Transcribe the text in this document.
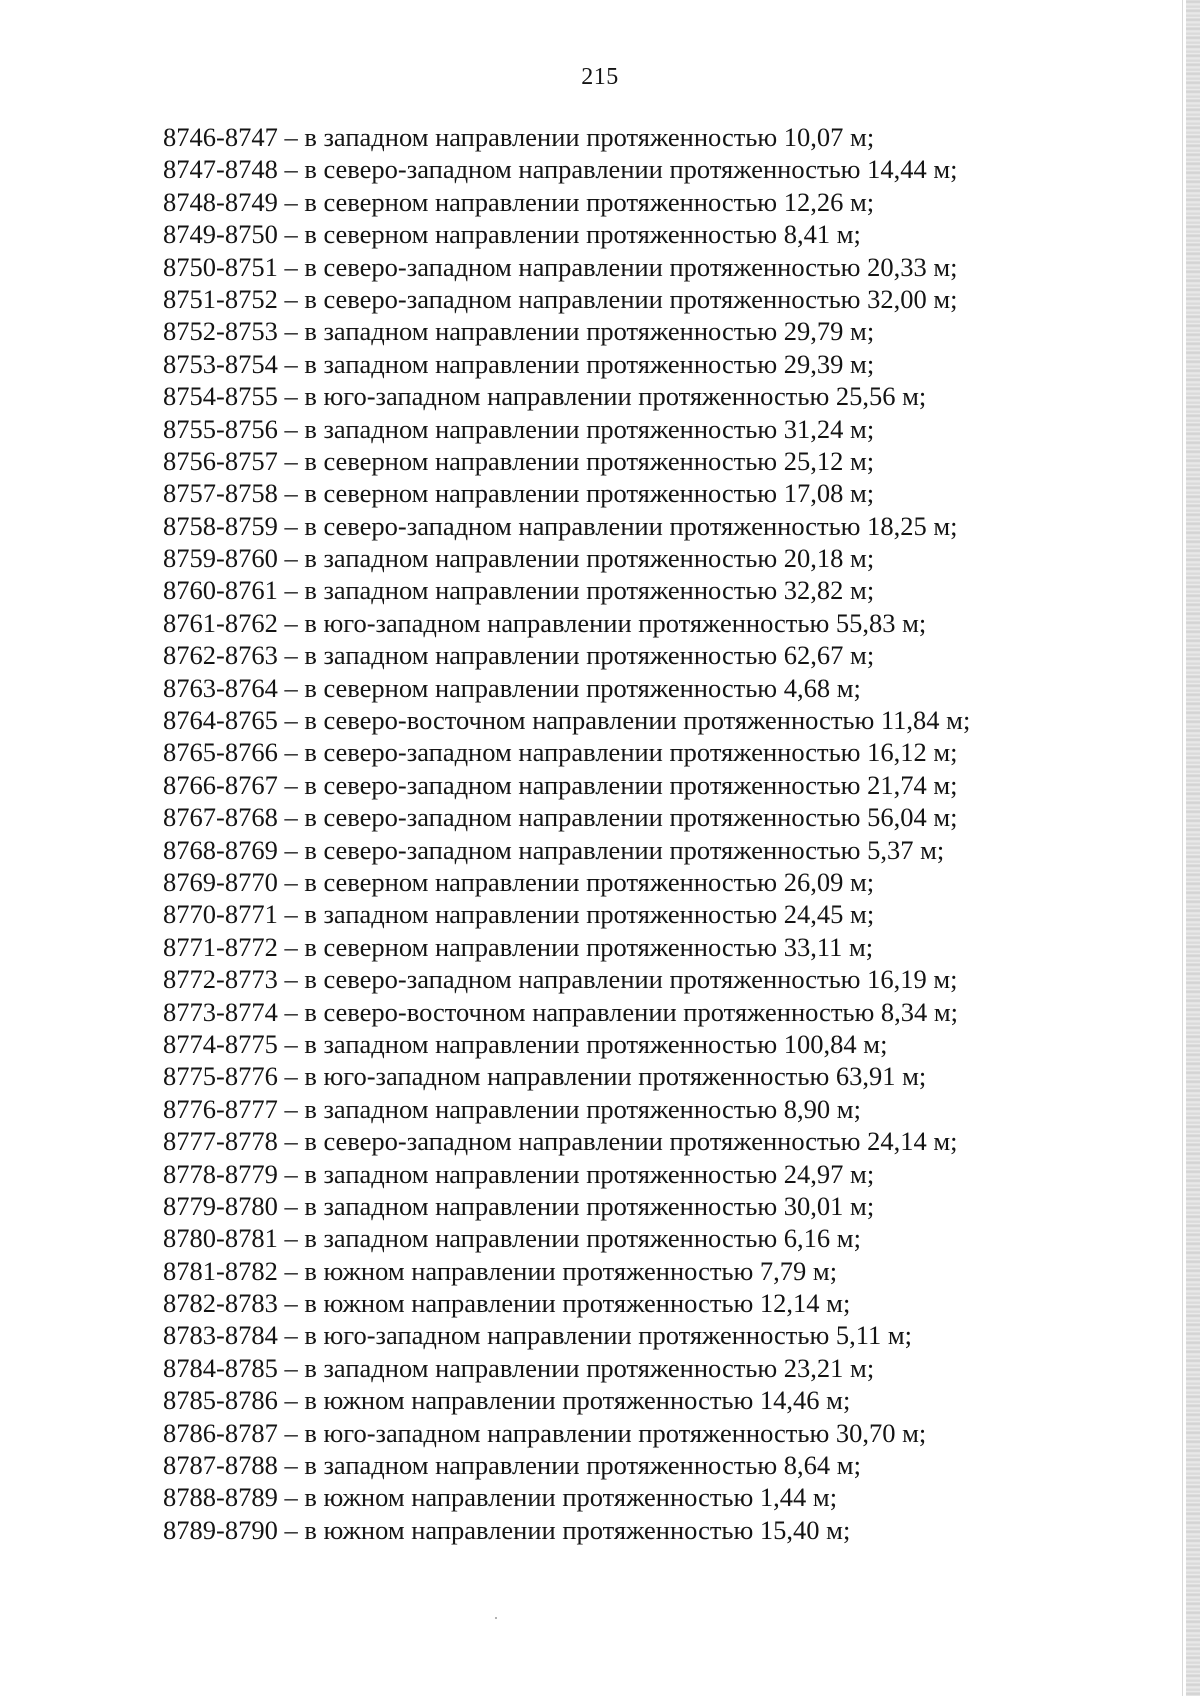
215
8746-8747 – в западном направлении протяженностью 10,07 м;
8747-8748 – в северо-западном направлении протяженностью 14,44 м;
8748-8749 – в северном направлении протяженностью 12,26 м;
8749-8750 – в северном направлении протяженностью 8,41 м;
8750-8751 – в северо-западном направлении протяженностью 20,33 м;
8751-8752 – в северо-западном направлении протяженностью 32,00 м;
8752-8753 – в западном направлении протяженностью 29,79 м;
8753-8754 – в западном направлении протяженностью 29,39 м;
8754-8755 – в юго-западном направлении протяженностью 25,56 м;
8755-8756 – в западном направлении протяженностью 31,24 м;
8756-8757 – в северном направлении протяженностью 25,12 м;
8757-8758 – в северном направлении протяженностью 17,08 м;
8758-8759 – в северо-западном направлении протяженностью 18,25 м;
8759-8760 – в западном направлении протяженностью 20,18 м;
8760-8761 – в западном направлении протяженностью 32,82 м;
8761-8762 – в юго-западном направлении протяженностью 55,83 м;
8762-8763 – в западном направлении протяженностью 62,67 м;
8763-8764 – в северном направлении протяженностью 4,68 м;
8764-8765 – в северо-восточном направлении протяженностью 11,84 м;
8765-8766 – в северо-западном направлении протяженностью 16,12 м;
8766-8767 – в северо-западном направлении протяженностью 21,74 м;
8767-8768 – в северо-западном направлении протяженностью 56,04 м;
8768-8769 – в северо-западном направлении протяженностью 5,37 м;
8769-8770 – в северном направлении протяженностью 26,09 м;
8770-8771 – в западном направлении протяженностью 24,45 м;
8771-8772 – в северном направлении протяженностью 33,11 м;
8772-8773 – в северо-западном направлении протяженностью 16,19 м;
8773-8774 – в северо-восточном направлении протяженностью 8,34 м;
8774-8775 – в западном направлении протяженностью 100,84 м;
8775-8776 – в юго-западном направлении протяженностью 63,91 м;
8776-8777 – в западном направлении протяженностью 8,90 м;
8777-8778 – в северо-западном направлении протяженностью 24,14 м;
8778-8779 – в западном направлении протяженностью 24,97 м;
8779-8780 – в западном направлении протяженностью 30,01 м;
8780-8781 – в западном направлении протяженностью 6,16 м;
8781-8782 – в южном направлении протяженностью 7,79 м;
8782-8783 – в южном направлении протяженностью 12,14 м;
8783-8784 – в юго-западном направлении протяженностью 5,11 м;
8784-8785 – в западном направлении протяженностью 23,21 м;
8785-8786 – в южном направлении протяженностью 14,46 м;
8786-8787 – в юго-западном направлении протяженностью 30,70 м;
8787-8788 – в западном направлении протяженностью 8,64 м;
8788-8789 – в южном направлении протяженностью 1,44 м;
8789-8790 – в южном направлении протяженностью 15,40 м;
